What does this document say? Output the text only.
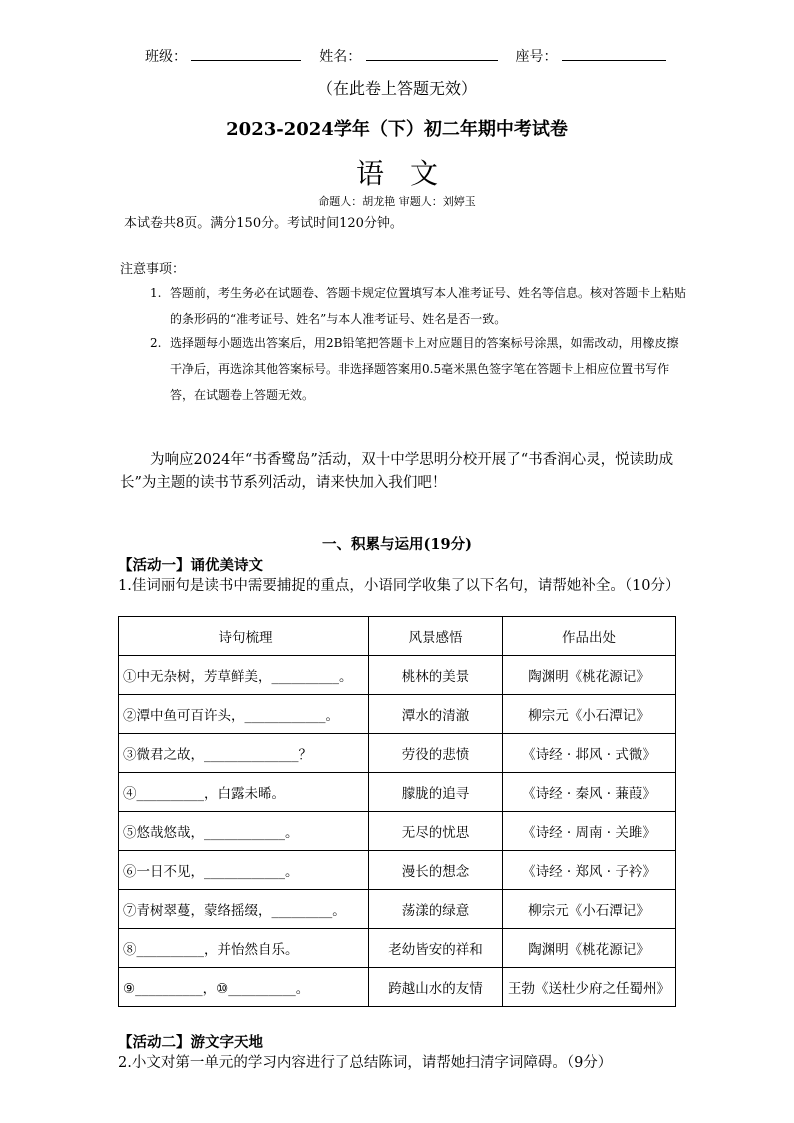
班级：	姓名：	座号：
（在此卷上答题无效）
2023-2024学年（下）初二年期中考试卷
语文
命题人：胡龙艳 审题人：刘婷玉
本试卷共8页。满分150分。考试时间120分钟。
注意事项：
1. 答题前，考生务必在试题卷、答题卡规定位置填写本人准考证号、姓名等信息。核对答题卡上粘贴的条形码的“准考证号、姓名”与本人准考证号、姓名是否一致。
2. 选择题每小题选出答案后，用2B铅笔把答题卡上对应题目的答案标号涂黑，如需改动，用橡皮擦干净后，再选涂其他答案标号。非选择题答案用0.5毫米黑色签字笔在答题卡上相应位置书写作答，在试题卷上答题无效。
为响应2024年“书香鹭岛”活动，双十中学思明分校开展了“书香润心灵，悦读助成长”为主题的读书节系列活动，请来快加入我们吧！
一、积累与运用(19分)
【活动一】诵优美诗文
1.佳词丽句是读书中需要捕捉的重点，小语同学收集了以下名句，请帮她补全。（10分）
诗句梳理	风景感悟	作品出处
①中无杂树，芳草鲜美，__________。	桃林的美景	陶渊明《桃花源记》
②潭中鱼可百许头，____________。	潭水的清澈	柳宗元《小石潭记》
③微君之故，______________？	劳役的悲愤	《诗经 · 邶风 · 式微》
④__________，白露未晞。	朦胧的追寻	《诗经 · 秦风 · 蒹葭》
⑤悠哉悠哉，____________。	无尽的忧思	《诗经 · 周南 · 关雎》
⑥一日不见，____________。	漫长的想念	《诗经 · 郑风 · 子衿》
⑦青树翠蔓，蒙络摇缀，_________。	荡漾的绿意	柳宗元《小石潭记》
⑧__________，并怡然自乐。	老幼皆安的祥和	陶渊明《桃花源记》
⑨__________，⑩__________。	跨越山水的友情	王勃《送杜少府之任蜀州》
【活动二】游文字天地
2.小文对第一单元的学习内容进行了总结陈词，请帮她扫清字词障碍。（9分）
